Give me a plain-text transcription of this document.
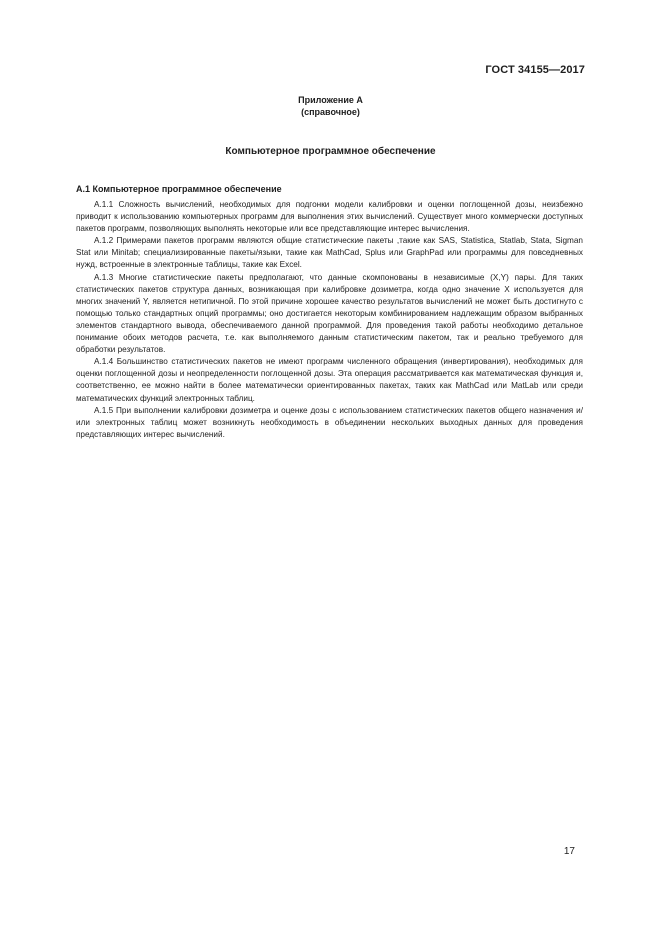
ГОСТ 34155—2017
Приложение А
(справочное)
Компьютерное программное обеспечение
А.1 Компьютерное программное обеспечение

А.1.1 Сложность вычислений, необходимых для подгонки модели калибровки и оценки поглощенной дозы, неизбежно приводит к использованию компьютерных программ для выполнения этих вычислений. Существует много коммерчески доступных пакетов программ, позволяющих выполнять некоторые или все представляющие интерес вычисления.

А.1.2 Примерами пакетов программ являются общие статистические пакеты ,такие как SAS, Statistica, Statlab, Stata, Sigman Stat или Minitab; специализированные пакеты/языки, такие как MathCad, Splus или GraphPad или программы для повседневных нужд, встроенные в электронные таблицы, такие как Excel.

А.1.3 Многие статистические пакеты предполагают, что данные скомпонованы в независимые (X,Y) пары. Для таких статистических пакетов структура данных, возникающая при калибровке дозиметра, когда одно значение X используется для многих значений Y, является нетипичной. По этой причине хорошее качество результатов вычислений не может быть достигнуто с помощью только стандартных опций программы; оно достигается некоторым комбинированием надлежащим образом выбранных элементов стандартного вывода, обеспечиваемого данной программой. Для проведения такой работы необходимо детальное понимание обоих методов расчета, т.е. как выполняемого данным статистическим пакетом, так и реально требуемого для обработки результатов.

А.1.4 Большинство статистических пакетов не имеют программ численного обращения (инвертирования), необходимых для оценки поглощенной дозы и неопределенности поглощенной дозы. Эта операция рассматривается как математическая функция и, соответственно, ее можно найти в более математически ориентированных пакетах, таких как MathCad или MatLab или среди математических функций электронных таблиц.

А.1.5 При выполнении калибровки дозиметра и оценке дозы с использованием статистических пакетов общего назначения и/или электронных таблиц может возникнуть необходимость в объединении нескольких выходных данных для проведения представляющих интерес вычислений.

17
